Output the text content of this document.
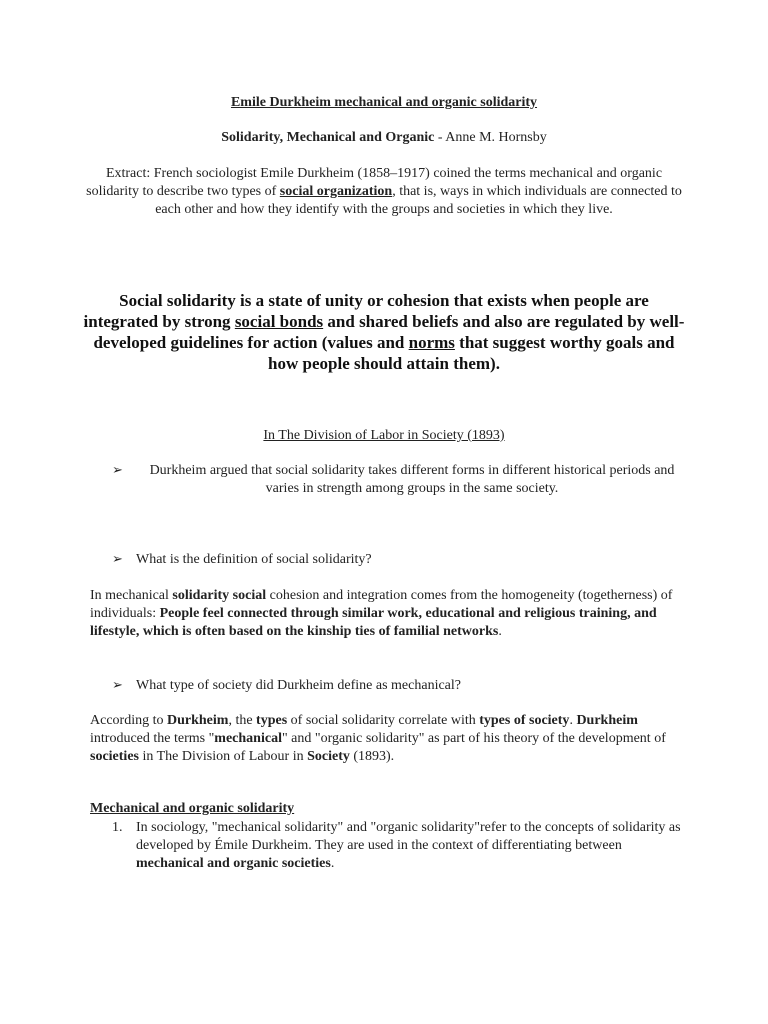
Emile Durkheim mechanical and organic solidarity
Solidarity, Mechanical and Organic - Anne M. Hornsby
Extract: French sociologist Emile Durkheim (1858–1917) coined the terms mechanical and organic solidarity to describe two types of social organization, that is, ways in which individuals are connected to each other and how they identify with the groups and societies in which they live.
Social solidarity is a state of unity or cohesion that exists when people are integrated by strong social bonds and shared beliefs and also are regulated by well-developed guidelines for action (values and norms that suggest worthy goals and how people should attain them).
In The Division of Labor in Society (1893)
➢	Durkheim argued that social solidarity takes different forms in different historical periods and varies in strength among groups in the same society.
➢ What is the definition of social solidarity?
In mechanical solidarity social cohesion and integration comes from the homogeneity (togetherness) of individuals: People feel connected through similar work, educational and religious training, and lifestyle, which is often based on the kinship ties of familial networks.
➢ What type of society did Durkheim define as mechanical?
According to Durkheim, the types of social solidarity correlate with types of society. Durkheim introduced the terms "mechanical" and "organic solidarity" as part of his theory of the development of societies in The Division of Labour in Society (1893).
Mechanical and organic solidarity
1. In sociology, "mechanical solidarity" and "organic solidarity"refer to the concepts of solidarity as developed by Émile Durkheim. They are used in the context of differentiating between mechanical and organic societies.
